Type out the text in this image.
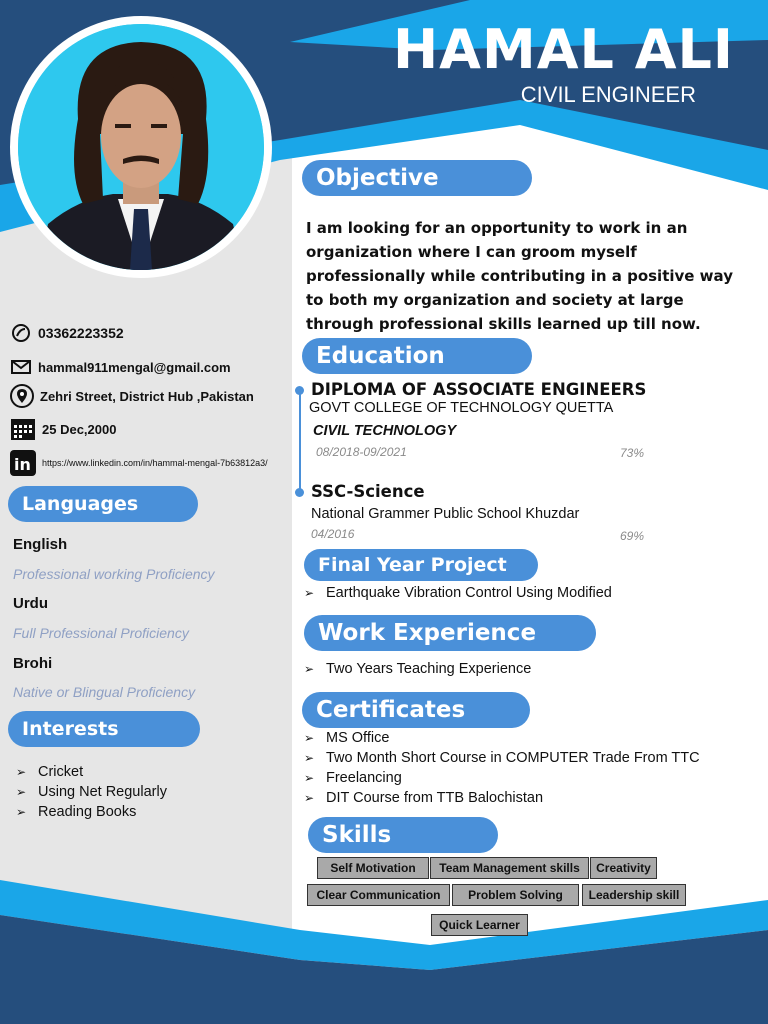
HAMAL ALI
CIVIL ENGINEER
03362223352
hammal911mengal@gmail.com
Zehri Street, District Hub ,Pakistan
25 Dec,2000
in https://www.linkedin.com/in/hammal-mengal-7b63812a3/
Languages
English
Professional working Proficiency
Urdu
Full Professional Proficiency
Brohi
Native or Blingual Proficiency
Interests
➢ Cricket
➢ Using Net Regularly
➢ Reading Books
Objective
I am looking for an opportunity to work in an organization where I can groom myself professionally while contributing in a positive way to both my organization and society at large through professional skills learned up till now.
Education
DIPLOMA OF ASSOCIATE ENGINEERS
GOVT COLLEGE OF TECHNOLOGY QUETTA
CIVIL TECHNOLOGY
08/2018-09/2021	73%
SSC-Science
National Grammer Public School Khuzdar
04/2016	69%
Final Year Project
➢ Earthquake Vibration Control Using Modified
Work Experience
➢ Two Years Teaching Experience
Certificates
➢ MS Office
➢ Two Month Short Course in COMPUTER Trade From TTC
➢ Freelancing
➢ DIT Course from TTB Balochistan
Skills
Self Motivation	Team Management skills	Creativity
Clear Communication	Problem Solving	Leadership skill
Quick Learner
